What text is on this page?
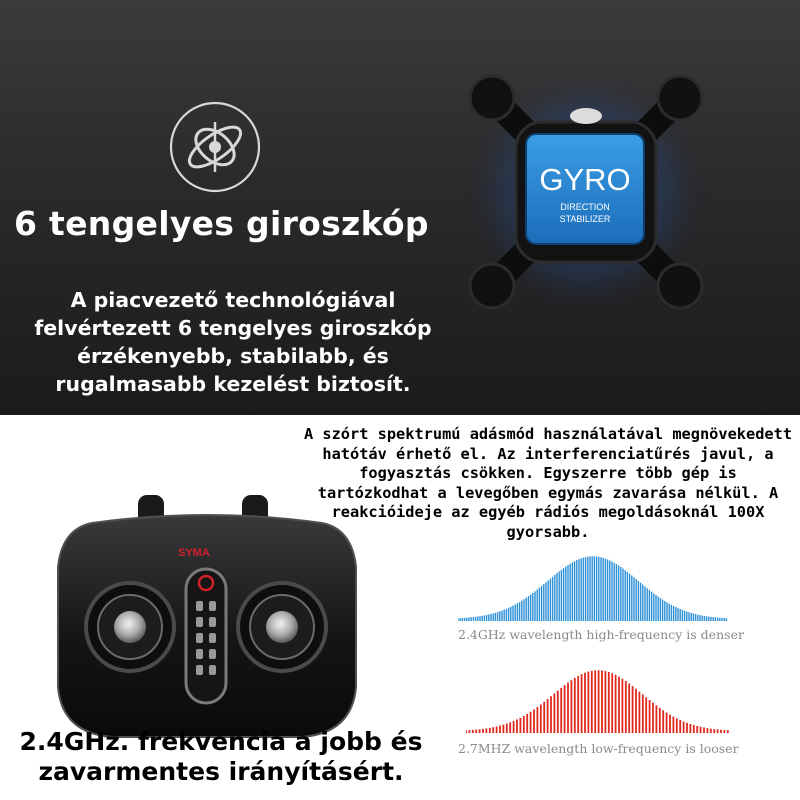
6 tengelyes giroszkóp
A piacvezető technológiával felvértezett 6 tengelyes giroszkóp érzékenyebb, stabilabb, és rugalmasabb kezelést biztosít.
GYRO
DIRECTION
STABILIZER
A szórt spektrumú adásmód használatával megnövekedett hatótáv érhető el. Az interferenciatűrés javul, a fogyasztás csökken. Egyszerre több gép is tartózkodhat a levegőben egymás zavarása nélkül. A reakcióideje az egyéb rádiós megoldásoknál 100X gyorsabb.
SYMA
2.4GHz. frekvencia a jobb és zavarmentes irányításért.
2.4GHz wavelength high-frequency is denser
2.7MHZ wavelength low-frequency is looser
